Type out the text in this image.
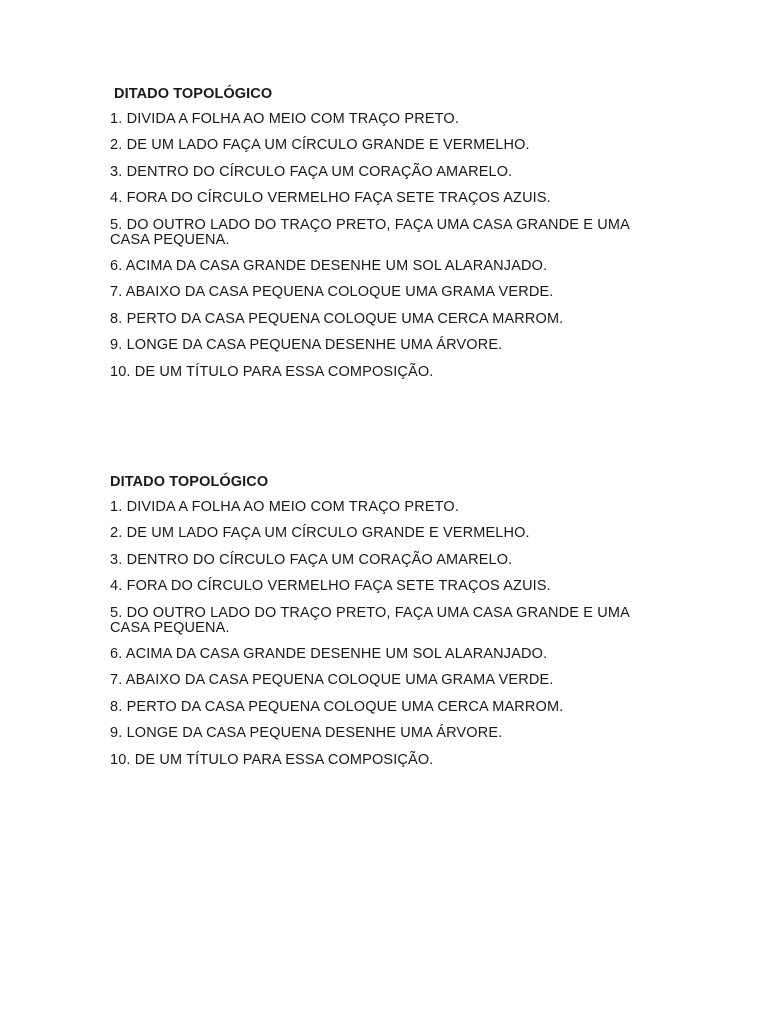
DITADO TOPOLÓGICO
1. DIVIDA A FOLHA AO MEIO COM TRAÇO PRETO.
2. DE UM LADO FAÇA UM CÍRCULO GRANDE E VERMELHO.
3. DENTRO DO CÍRCULO FAÇA UM CORAÇÃO AMARELO.
4. FORA DO CÍRCULO VERMELHO FAÇA SETE TRAÇOS AZUIS.
5. DO OUTRO LADO DO TRAÇO PRETO, FAÇA UMA CASA GRANDE E UMA CASA PEQUENA.
6. ACIMA DA CASA GRANDE DESENHE UM SOL ALARANJADO.
7. ABAIXO DA CASA PEQUENA COLOQUE UMA GRAMA VERDE.
8. PERTO DA CASA PEQUENA COLOQUE UMA CERCA MARROM.
9. LONGE DA CASA PEQUENA DESENHE UMA ÁRVORE.
10. DE UM TÍTULO PARA ESSA COMPOSIÇÃO.
DITADO TOPOLÓGICO
1. DIVIDA A FOLHA AO MEIO COM TRAÇO PRETO.
2. DE UM LADO FAÇA UM CÍRCULO GRANDE E VERMELHO.
3. DENTRO DO CÍRCULO FAÇA UM CORAÇÃO AMARELO.
4. FORA DO CÍRCULO VERMELHO FAÇA SETE TRAÇOS AZUIS.
5. DO OUTRO LADO DO TRAÇO PRETO, FAÇA UMA CASA GRANDE E UMA CASA PEQUENA.
6. ACIMA DA CASA GRANDE DESENHE UM SOL ALARANJADO.
7. ABAIXO DA CASA PEQUENA COLOQUE UMA GRAMA VERDE.
8. PERTO DA CASA PEQUENA COLOQUE UMA CERCA MARROM.
9. LONGE DA CASA PEQUENA DESENHE UMA ÁRVORE.
10. DE UM TÍTULO PARA ESSA COMPOSIÇÃO.
